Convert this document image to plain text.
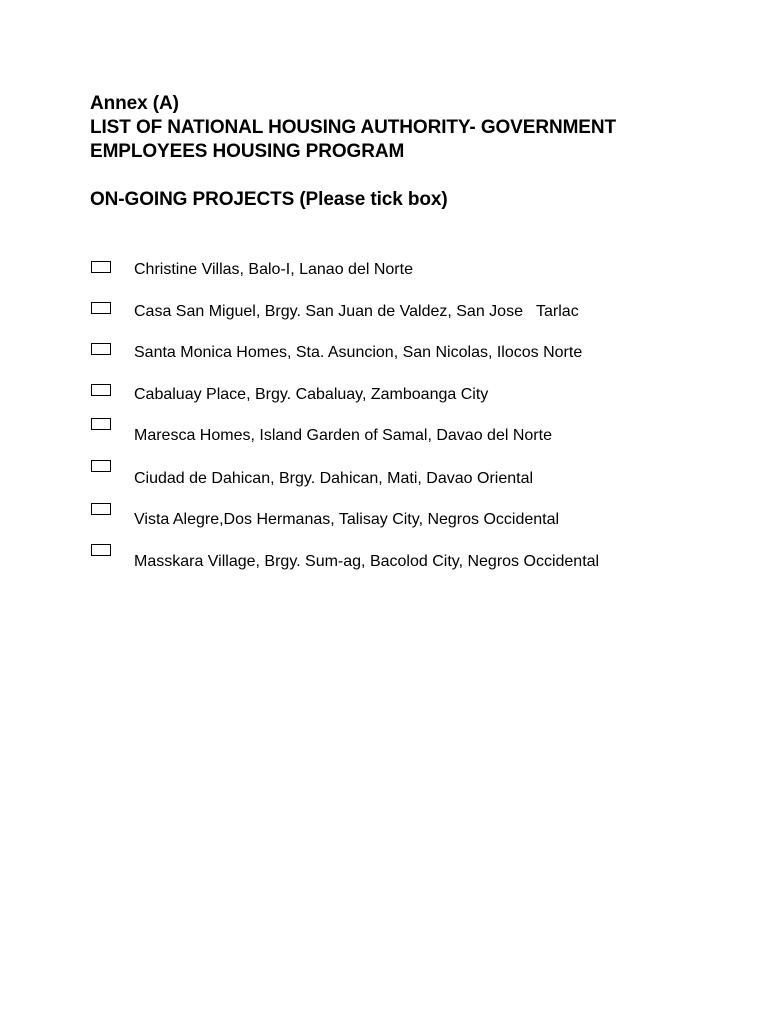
Annex (A)
LIST OF NATIONAL HOUSING AUTHORITY- GOVERNMENT
EMPLOYEES HOUSING PROGRAM
ON-GOING PROJECTS (Please tick box)
Christine Villas, Balo-I, Lanao del Norte
Casa San Miguel, Brgy. San Juan de Valdez, San Jose   Tarlac
Santa Monica Homes, Sta. Asuncion, San Nicolas, Ilocos Norte
Cabaluay Place, Brgy. Cabaluay, Zamboanga City
Maresca Homes, Island Garden of Samal, Davao del Norte
Ciudad de Dahican, Brgy. Dahican, Mati, Davao Oriental
Vista Alegre,Dos Hermanas, Talisay City, Negros Occidental
Masskara Village, Brgy. Sum-ag, Bacolod City, Negros Occidental
